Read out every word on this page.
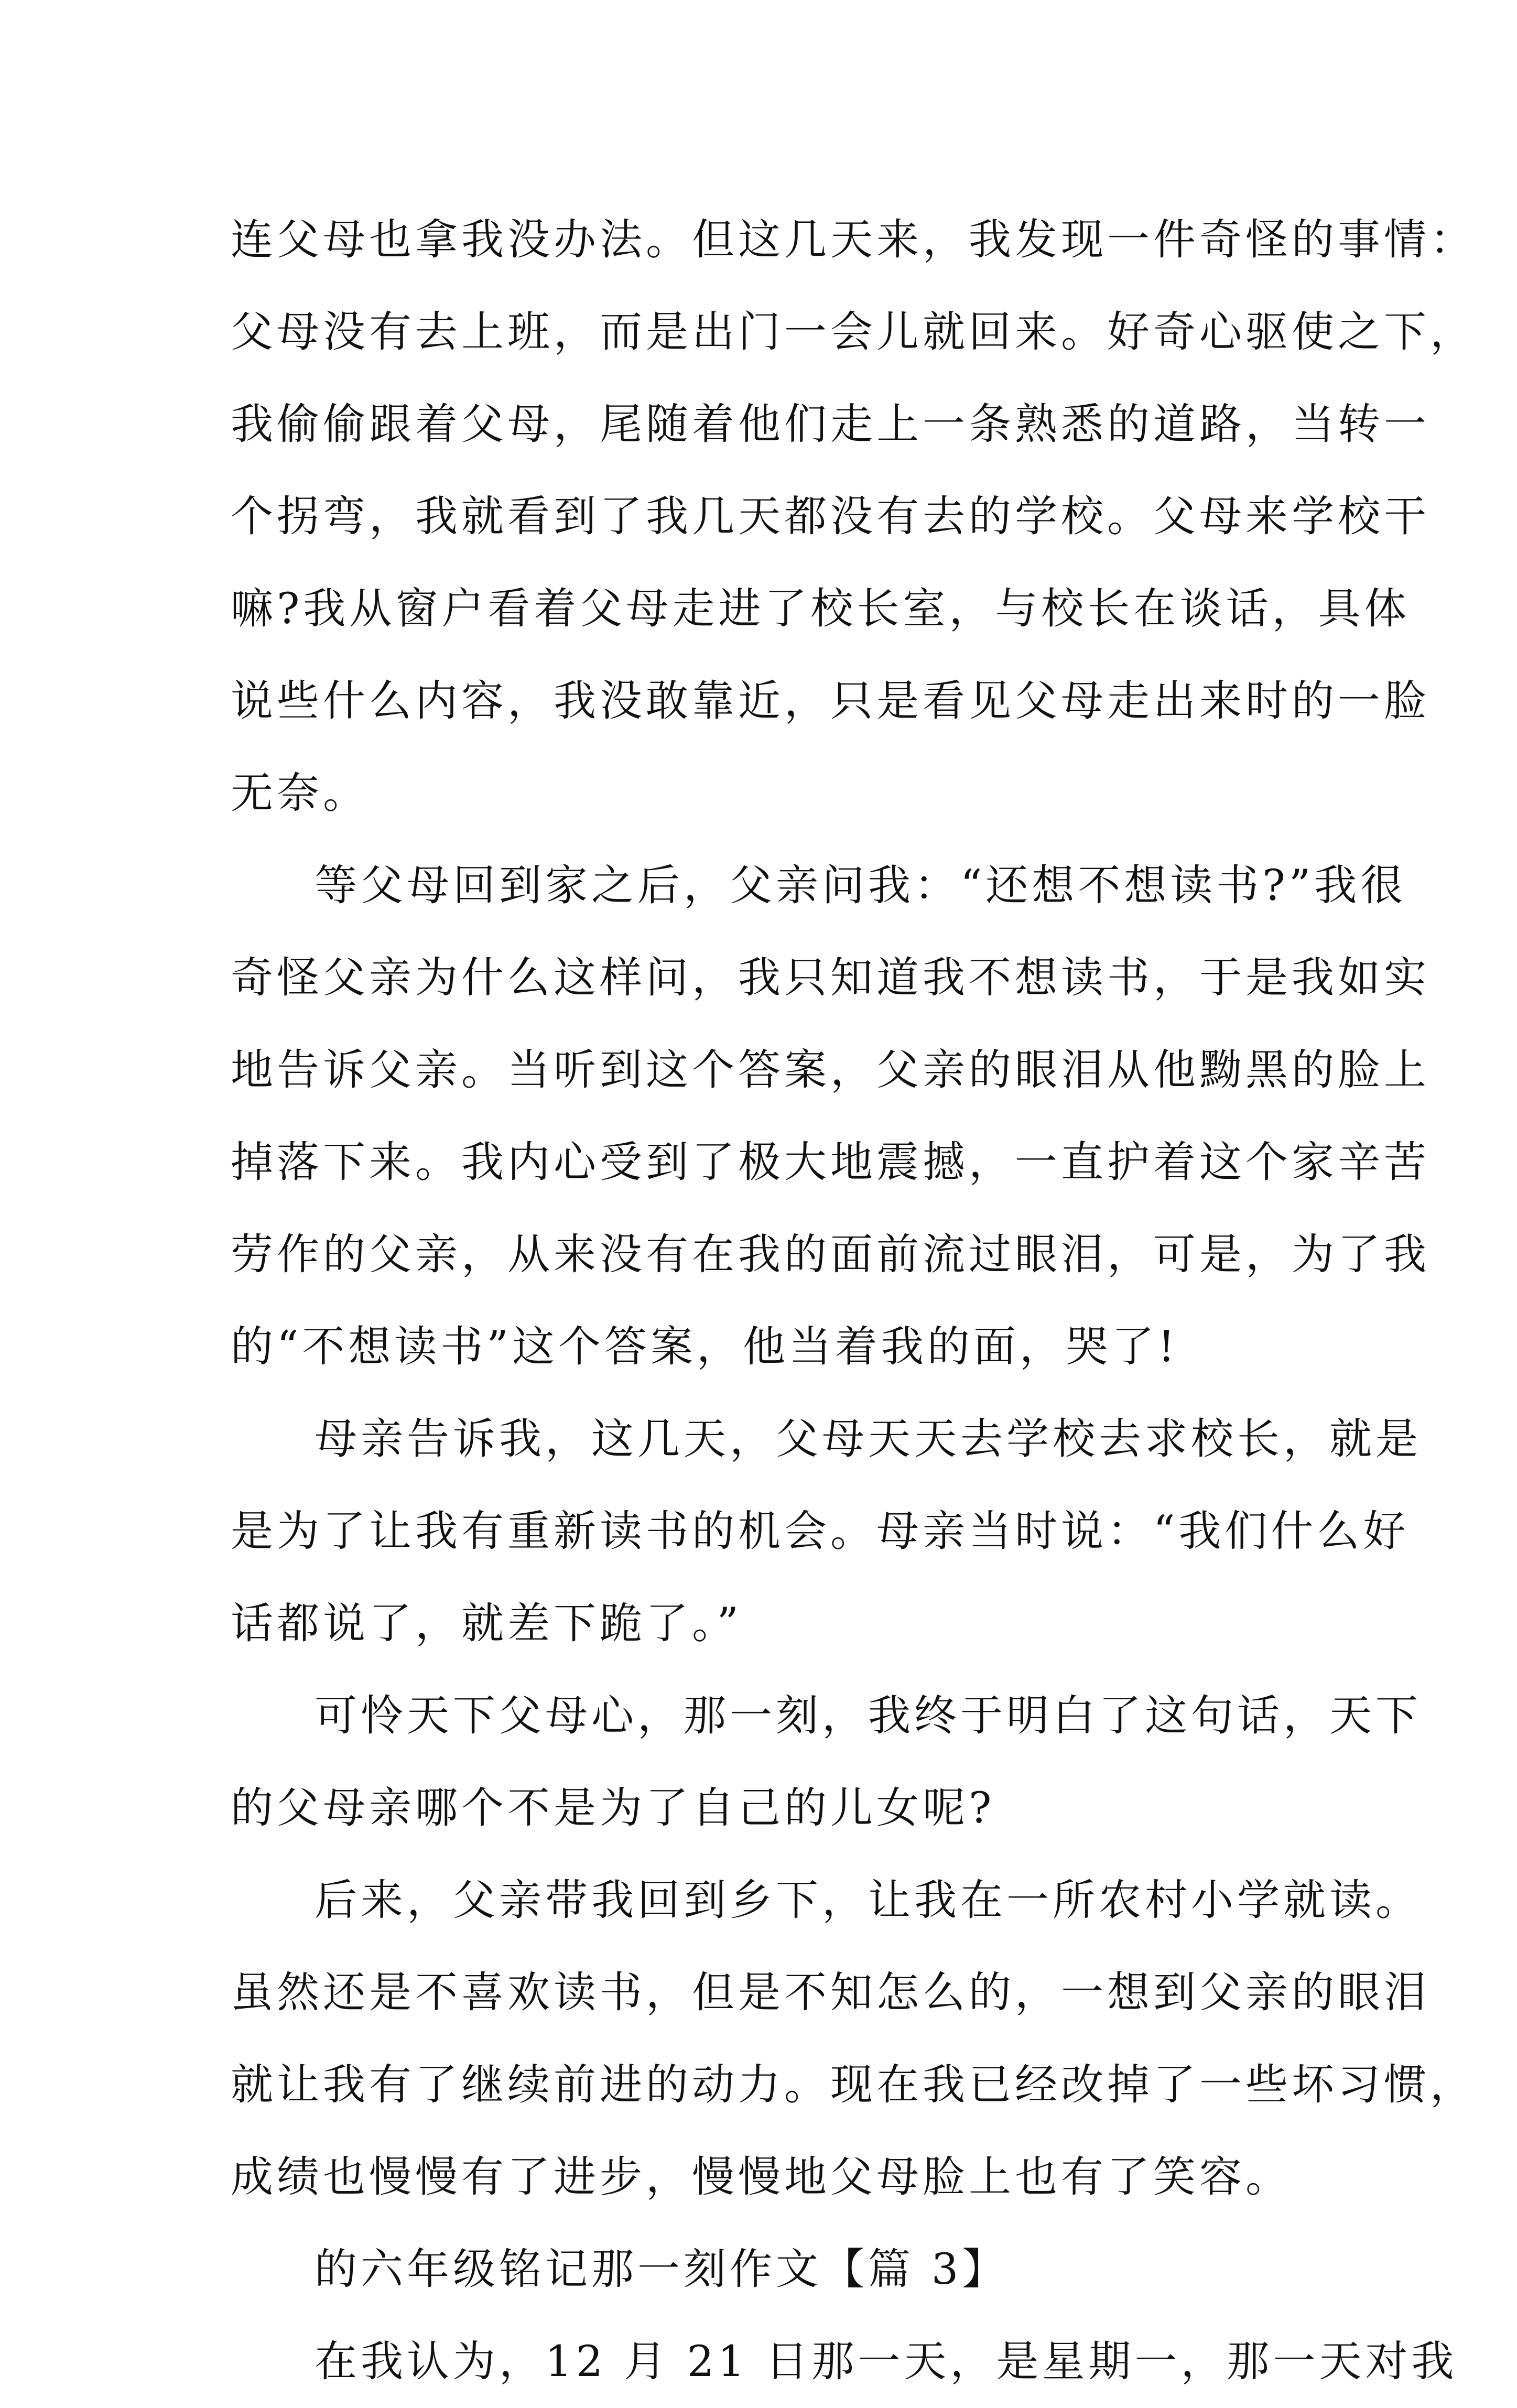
连父母也拿我没办法。但这几天来，我发现一件奇怪的事情：
父母没有去上班，而是出门一会儿就回来。好奇心驱使之下，
我偷偷跟着父母，尾随着他们走上一条熟悉的道路，当转一
个拐弯，我就看到了我几天都没有去的学校。父母来学校干
嘛?我从窗户看着父母走进了校长室，与校长在谈话，具体
说些什么内容，我没敢靠近，只是看见父母走出来时的一脸
无奈。
等父母回到家之后，父亲问我：“还想不想读书?”我很
奇怪父亲为什么这样问，我只知道我不想读书，于是我如实
地告诉父亲。当听到这个答案，父亲的眼泪从他黝黑的脸上
掉落下来。我内心受到了极大地震撼，一直护着这个家辛苦
劳作的父亲，从来没有在我的面前流过眼泪，可是，为了我
的“不想读书”这个答案，他当着我的面，哭了!
母亲告诉我，这几天，父母天天去学校去求校长，就是
是为了让我有重新读书的机会。母亲当时说：“我们什么好
话都说了，就差下跪了。”
可怜天下父母心，那一刻，我终于明白了这句话，天下
的父母亲哪个不是为了自己的儿女呢?
后来，父亲带我回到乡下，让我在一所农村小学就读。
虽然还是不喜欢读书，但是不知怎么的，一想到父亲的眼泪
就让我有了继续前进的动力。现在我已经改掉了一些坏习惯，
成绩也慢慢有了进步，慢慢地父母脸上也有了笑容。
的六年级铭记那一刻作文【篇 3】
在我认为，12 月 21 日那一天，是星期一，那一天对我
